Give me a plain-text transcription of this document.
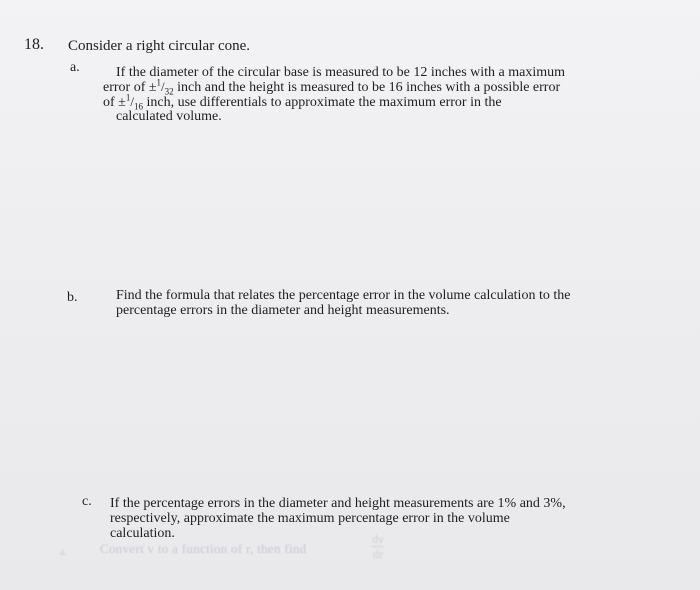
18. Consider a right circular cone.
a.	If the diameter of the circular base is measured to be 12 inches with a maximum
error of $\pm^1/_{32}$ inch and the height is measured to be 16 inches with a possible error
of $\pm^1/_{16}$ inch, use differentials to approximate the maximum error in the
calculated volume.
b.	Find the formula that relates the percentage error in the volume calculation to the
percentage errors in the diameter and height measurements.
c. If the percentage errors in the diameter and height measurements are 1% and 3%,
respectively, approximate the maximum percentage error in the volume
calculation.
a.	Convert v to a function of r, then find	$\frac{dv}{dr}$
